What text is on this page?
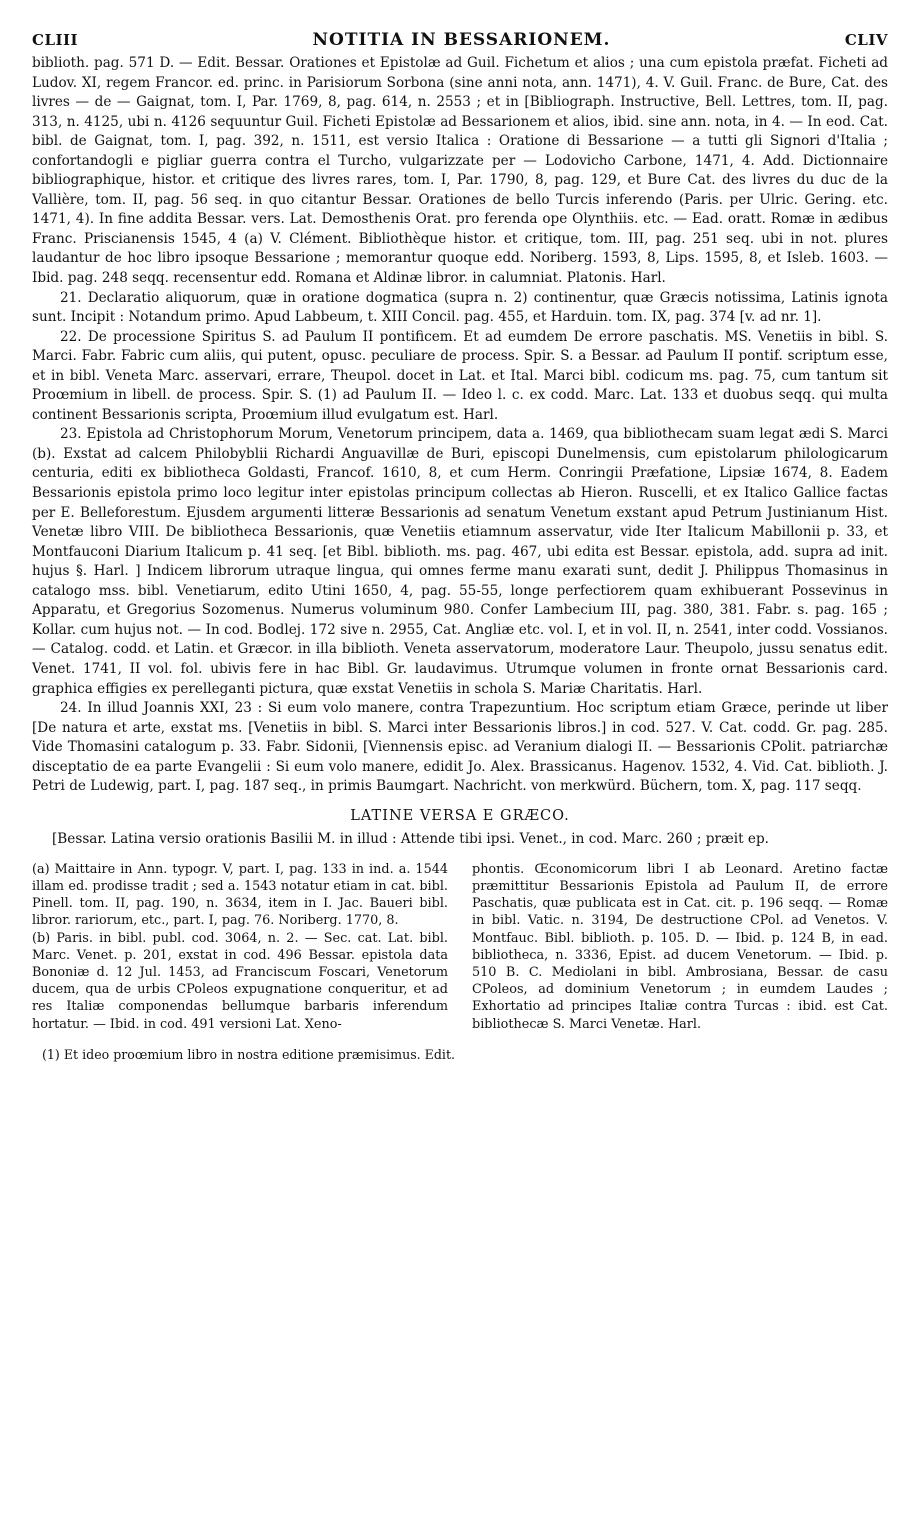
CLIII	NOTITIA IN BESSARIONEM.	CLIV

biblioth. pag. 571 D. — Edit. Bessar. Orationes et Epistolæ ad Guil. Fichetum et alios ; una cum epistola præfat. Ficheti ad Ludov. XI, regem Francor. ed. princ. in Parisiorum Sorbona (sine anni nota, ann. 1471), 4. V. Guil. Franc. de Bure, Cat. des livres — de — Gaignat, tom. I, Par. 1769, 8, pag. 614, n. 2553 ; et in [Bibliograph. Instructive, Bell. Lettres, tom. II, pag. 313, n. 4125, ubi n. 4126 sequuntur Guil. Ficheti Epistolæ ad Bessarionem et alios, ibid. sine ann. nota, in 4. — In eod. Cat. bibl. de Gaignat, tom. I, pag. 392, n. 1511, est versio Italica : Oratione di Bessarione — a tutti gli Signori d'Italia ; confortandogli e pigliar guerra contra el Turcho, vulgarizzate per — Lodovicho Carbone, 1471, 4. Add. Dictionnaire bibliographique, histor. et critique des livres rares, tom. I, Par. 1790, 8, pag. 129, et Bure Cat. des livres du duc de la Vallière, tom. II, pag. 56 seq. in quo citantur Bessar. Orationes de bello Turcis inferendo (Paris. per Ulric. Gering. etc. 1471, 4). In fine addita Bessar. vers. Lat. Demosthenis Orat. pro ferenda ope Olynthiis. etc. — Ead. oratt. Romæ in ædibus Franc. Priscianensis 1545, 4 (a) V. Clément. Bibliothèque histor. et critique, tom. III, pag. 251 seq. ubi in not. plures laudantur de hoc libro ipsoque Bessarione ; memorantur quoque edd. Noriberg. 1593, 8, Lips. 1595, 8, et Isleb. 1603. — Ibid. pag. 248 seqq. recensentur edd. Romana et Aldinæ libror. in calumniat. Platonis. Harl.

21. Declaratio aliquorum, quæ in oratione dogmatica (supra n. 2) continentur, quæ Græcis notissima, Latinis ignota sunt. Incipit : Notandum primo. Apud Labbeum, t. XIII Concil. pag. 455, et Harduin. tom. IX, pag. 374 [v. ad nr. 1].

22. De processione Spiritus S. ad Paulum II pontificem. Et ad eumdem De errore paschatis. MS. Venetiis in bibl. S. Marci. Fabr. Fabric cum aliis, qui putent, opusc. peculiare de process. Spir. S. a Bessar. ad Paulum II pontif. scriptum esse, et in bibl. Veneta Marc. asservari, errare, Theupol. docet in Lat. et Ital. Marci bibl. codicum ms. pag. 75, cum tantum sit Proœmium in libell. de process. Spir. S. (1) ad Paulum II. — Ideo l. c. ex codd. Marc. Lat. 133 et duobus seqq. qui multa continent Bessarionis scripta, Proœmium illud evulgatum est. Harl.

23. Epistola ad Christophorum Morum, Venetorum principem, data a. 1469, qua bibliothecam suam legat ædi S. Marci (b). Exstat ad calcem Philobyblii Richardi Anguavillæ de Buri, episcopi Dunelmensis, cum epistolarum philologicarum centuria, editi ex bibliotheca Goldasti, Francof. 1610, 8, et cum Herm. Conringii Præfatione, Lipsiæ 1674, 8. Eadem Bessarionis epistola primo loco legitur inter epistolas principum collectas ab Hieron. Ruscelli, et ex Italico Gallice factas per E. Belleforestum. Ejusdem argumenti litteræ Bessarionis ad senatum Venetum exstant apud Petrum Justinianum Hist. Venetæ libro VIII. De bibliotheca Bessarionis, quæ Venetiis etiamnum asservatur, vide Iter Italicum Mabillonii p. 33, et Montfauconi Diarium Italicum p. 41 seq. [et Bibl. biblioth. ms. pag. 467, ubi edita est Bessar. epistola, add. supra ad init. hujus §. Harl. ] Indicem librorum utraque lingua, qui omnes ferme manu exarati sunt, dedit J. Philippus Thomasinus in catalogo mss. bibl. Venetiarum, edito Utini 1650, 4, pag. 55-55, longe perfectiorem quam exhibuerant Possevinus in Apparatu, et Gregorius Sozomenus. Numerus voluminum 980. Confer Lambecium III, pag. 380, 381. Fabr. s. pag. 165 ; Kollar. cum hujus not. — In cod. Bodlej. 172 sive n. 2955, Cat. Angliæ etc. vol. I, et in vol. II, n. 2541, inter codd. Vossianos. — Catalog. codd. et Latin. et Græcor. in illa biblioth. Veneta asservatorum, moderatore Laur. Theupolo, jussu senatus edit. Venet. 1741, II vol. fol. ubivis fere in hac Bibl. Gr. laudavimus. Utrumque volumen in fronte ornat Bessarionis card. graphica effigies ex perelleganti pictura, quæ exstat Venetiis in schola S. Mariæ Charitatis. Harl.

24. In illud Joannis XXI, 23 : Si eum volo manere, contra Trapezuntium. Hoc scriptum etiam Græce, perinde ut liber [De natura et arte, exstat ms. [Venetiis in bibl. S. Marci inter Bessarionis libros.] in cod. 527. V. Cat. codd. Gr. pag. 285. Vide Thomasini catalogum p. 33. Fabr. Sidonii, [Viennensis episc. ad Veranium dialogi II. — Bessarionis CPolit. patriarchæ disceptatio de ea parte Evangelii : Si eum volo manere, edidit Jo. Alex. Brassicanus. Hagenov. 1532, 4. Vid. Cat. biblioth. J. Petri de Ludewig, part. I, pag. 187 seq., in primis Baumgart. Nachricht. von merkwürd. Büchern, tom. X, pag. 117 seqq.

LATINE VERSA E GRÆCO.
[Bessar. Latina versio orationis Basilii M. in illud : Attende tibi ipsi. Venet., in cod. Marc. 260 ; præit ep.

(a) Maittaire in Ann. typogr. V, part. I, pag. 133 in ind. a. 1544 illam ed. prodisse tradit ; sed a. 1543 notatur etiam in cat. bibl. Pinell. tom. II, pag. 190, n. 3634, item in I. Jac. Baueri bibl. libror. rariorum, etc., part. I, pag. 76. Noriberg. 1770, 8.

(b) Paris. in bibl. publ. cod. 3064, n. 2. — Sec. cat. Lat. bibl. Marc. Venet. p. 201, exstat in cod. 496 Bessar. epistola data Bononiæ d. 12 Jul. 1453, ad Franciscum Foscari, Venetorum ducem, qua de urbis CPoleos expugnatione conqueritur, et ad res Italiæ componendas bellumque barbaris inferendum hortatur. — Ibid. in cod. 491 versioni Lat. Xeno-

phontis. Œconomicorum libri I ab Leonard. Aretino factæ præmittitur Bessarionis Epistola ad Paulum II, de errore Paschatis, quæ publicata est in Cat. cit. p. 196 seqq. — Romæ in bibl. Vatic. n. 3194, De destructione CPol. ad Venetos. V. Montfauc. Bibl. biblioth. p. 105. D. — Ibid. p. 124 B, in ead. bibliotheca, n. 3336, Epist. ad ducem Venetorum. — Ibid. p. 510 B. C. Mediolani in bibl. Ambrosiana, Bessar. de casu CPoleos, ad dominium Venetorum ; in eumdem Laudes ; Exhortatio ad principes Italiæ contra Turcas : ibid. est Cat. bibliothecæ S. Marci Venetæ. Harl.

(1) Et ideo proœmium libro in nostra editione præmisimus. Edit.
